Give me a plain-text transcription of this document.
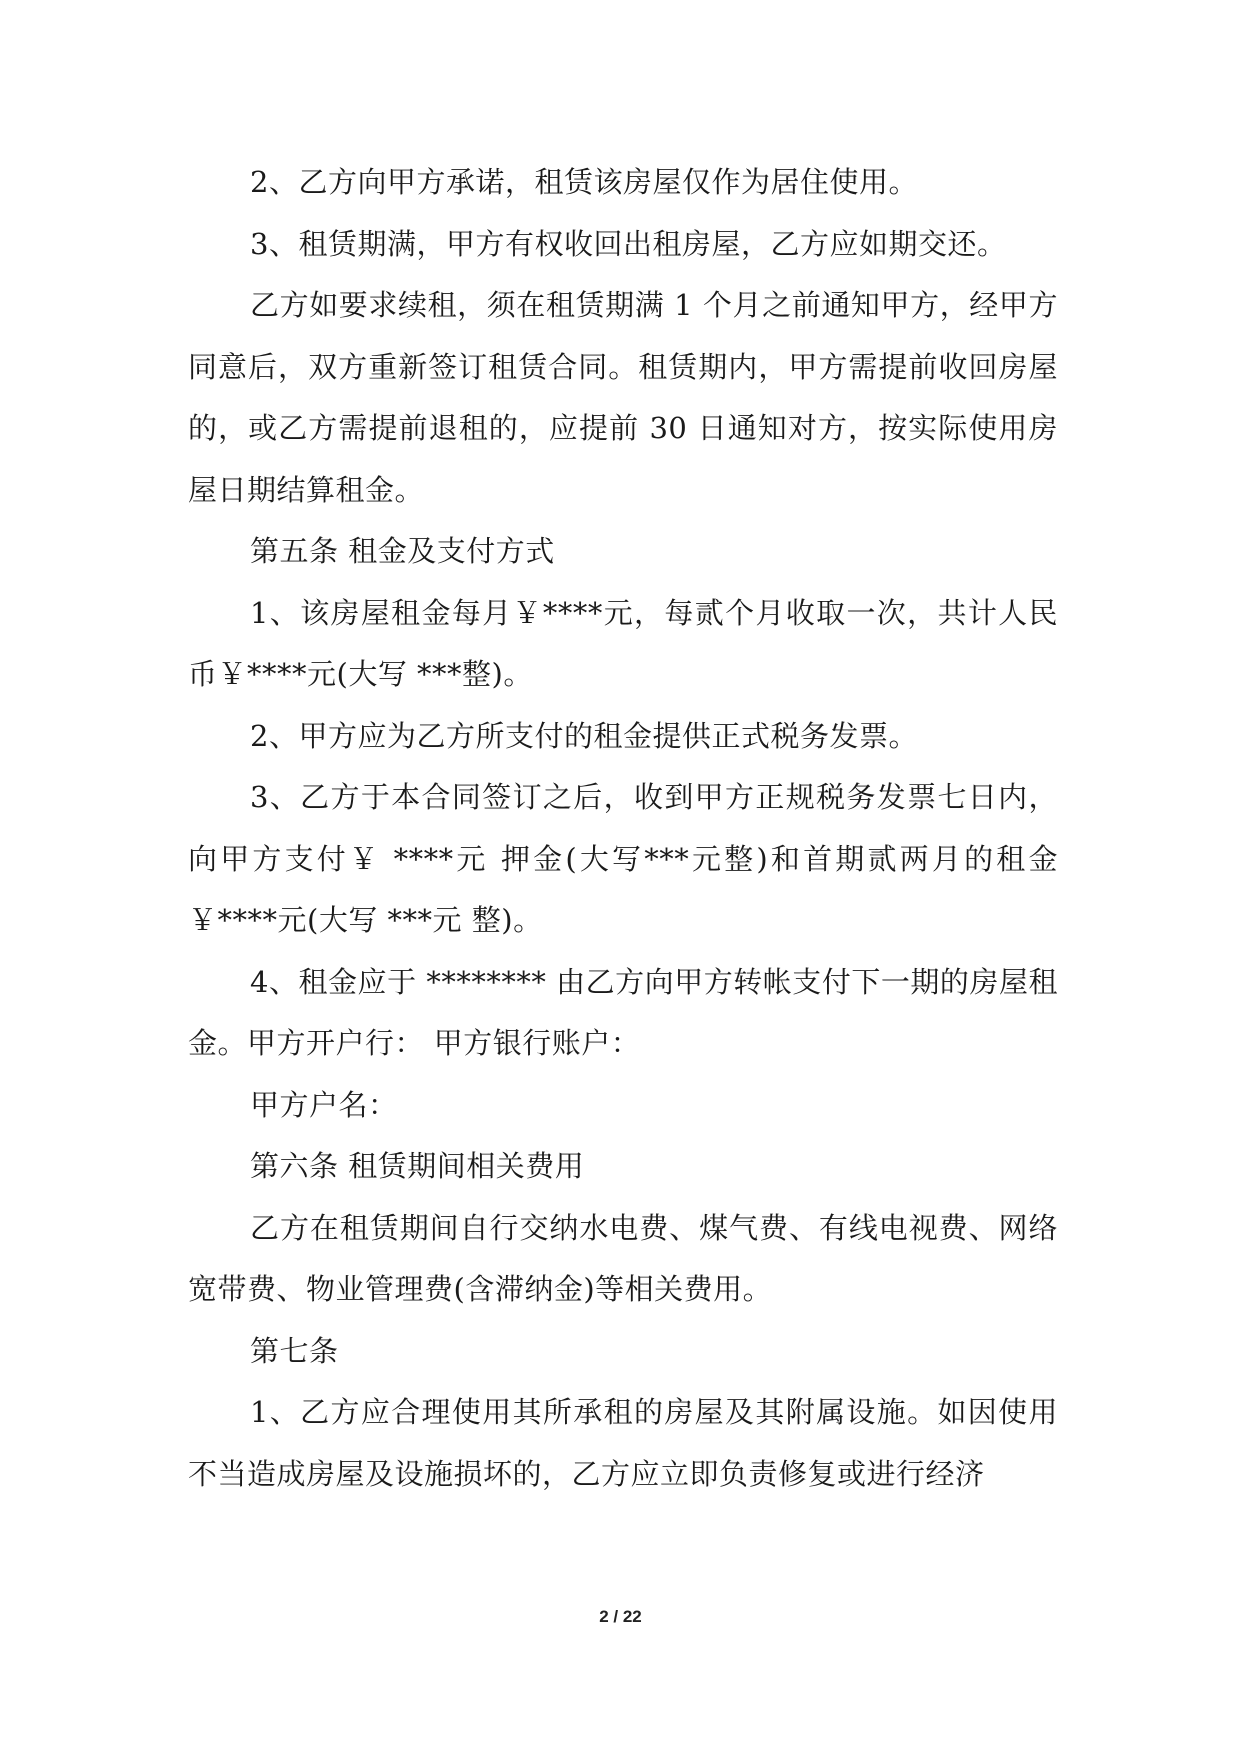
2、乙方向甲方承诺，租赁该房屋仅作为居住使用。

3、租赁期满，甲方有权收回出租房屋，乙方应如期交还。

乙方如要求续租，须在租赁期满 1 个月之前通知甲方，经甲方同意后，双方重新签订租赁合同。租赁期内，甲方需提前收回房屋的，或乙方需提前退租的，应提前 30 日通知对方，按实际使用房屋日期结算租金。

第五条 租金及支付方式

1、该房屋租金每月￥****元，每贰个月收取一次，共计人民币￥****元(大写 ***整)。

2、甲方应为乙方所支付的租金提供正式税务发票。

3、乙方于本合同签订之后，收到甲方正规税务发票七日内，向甲方支付￥ ****元 押金(大写***元整)和首期贰两月的租金￥****元(大写 ***元 整)。

4、租金应于 ******** 由乙方向甲方转帐支付下一期的房屋租金。甲方开户行： 甲方银行账户：

甲方户名：

第六条 租赁期间相关费用

乙方在租赁期间自行交纳水电费、煤气费、有线电视费、网络宽带费、物业管理费(含滞纳金)等相关费用。

第七条

1、乙方应合理使用其所承租的房屋及其附属设施。如因使用不当造成房屋及设施损坏的，乙方应立即负责修复或进行经济

2 / 22
